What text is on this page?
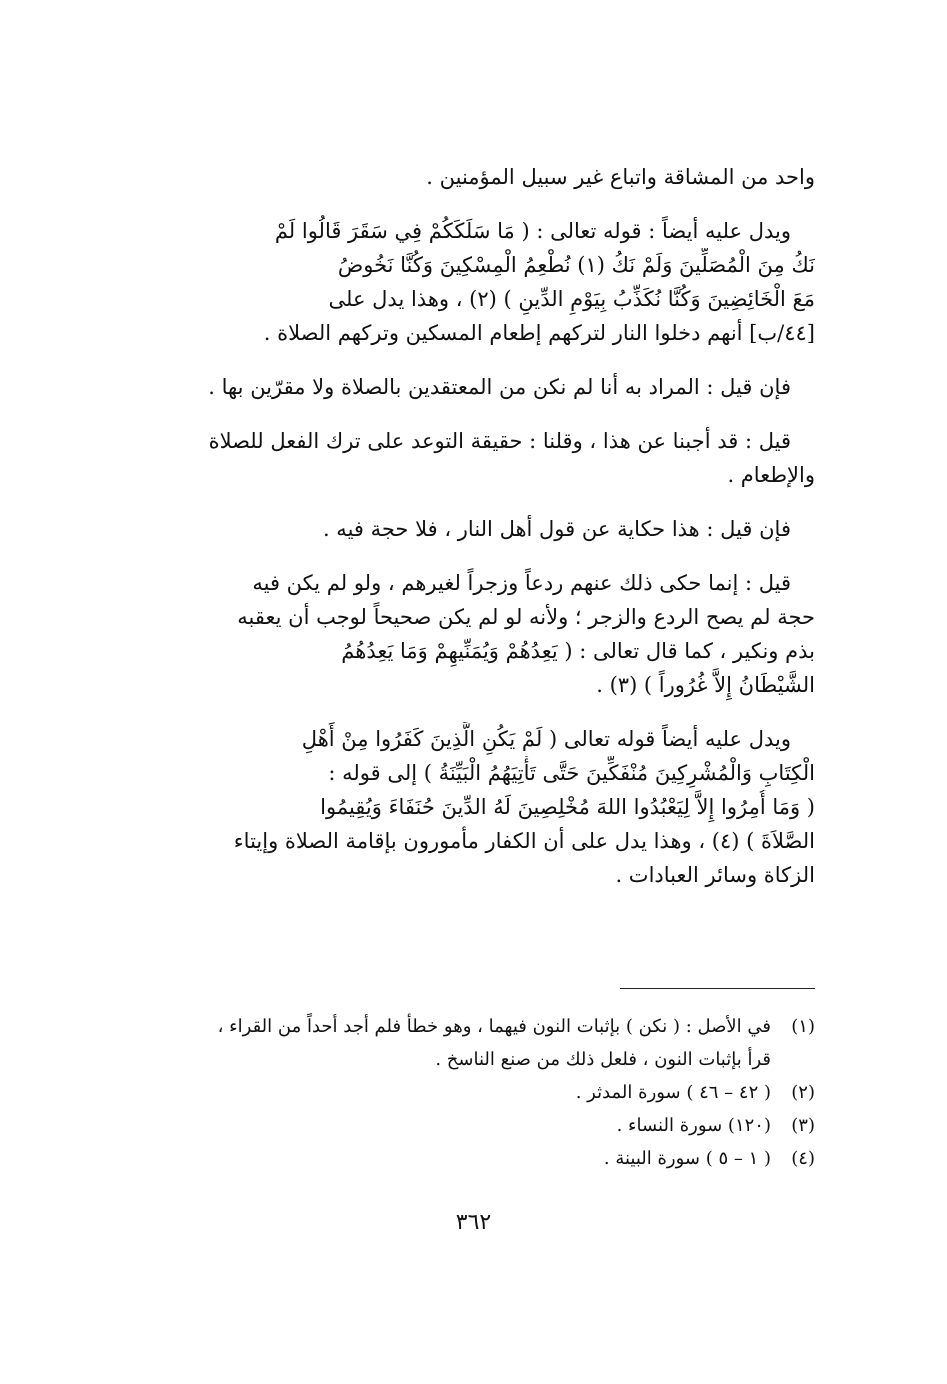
واحد من المشاقة واتباع غير سبيل المؤمنين .
ويدل عليه أيضاً : قوله تعالى : ( مَا سَلَكَكُمْ فِي سَقَرَ قَالُوا لَمْ
نَكُ مِنَ الْمُصَلِّينَ وَلَمْ نَكُ (١) نُطْعِمُ الْمِسْكِينَ وَكُنَّا نَخُوضُ
مَعَ الْخَائِضِينَ وَكُنَّا نُكَذِّبُ بِيَوْمِ الدِّينِ ) (٢) ، وهذا يدل على
[٤٤/ب] أنهم دخلوا النار لتركهم إطعام المسكين وتركهم الصلاة .
فإن قيل : المراد به أنا لم نكن من المعتقدين بالصلاة ولا مقرّين بها .
قيل : قد أجبنا عن هذا ، وقلنا : حقيقة التوعد على ترك الفعل للصلاة
والإطعام .
فإن قيل : هذا حكاية عن قول أهل النار ، فلا حجة فيه .
قيل : إنما حكى ذلك عنهم ردعاً وزجراً لغيرهم ، ولو لم يكن فيه
حجة لم يصح الردع والزجر ؛ ولأنه لو لم يكن صحيحاً لوجب أن يعقبه
بذم ونكير ، كما قال تعالى : ( يَعِدُهُمْ وَيُمَنِّيهِمْ وَمَا يَعِدُهُمُ
الشَّيْطَانُ إِلاَّ غُرُوراً ) (٣) .
ويدل عليه أيضاً قوله تعالى ( لَمْ يَكُنِ الَّذِينَ كَفَرُوا مِنْ أَهْلِ
الْكِتَابِ وَالْمُشْرِكِينَ مُنْفَكِّينَ حَتَّى تَأْتِيَهُمُ الْبَيِّنَةُ ) إلى قوله :
( وَمَا أُمِرُوا إِلاَّ لِيَعْبُدُوا اللهَ مُخْلِصِينَ لَهُ الدِّينَ حُنَفَاءَ وَيُقِيمُوا
الصَّلاَةَ ) (٤) ، وهذا يدل على أن الكفار مأمورون بإقامة الصلاة وإيتاء
الزكاة وسائر العبادات .
(١)في الأصل : ( نكن ) بإثبات النون فيهما ، وهو خطأ فلم أجد أحداً من القراء ،
قرأ بإثبات النون ، فلعل ذلك من صنع الناسخ .
(٢)( ٤٢ – ٤٦ ) سورة المدثر .
(٣)(١٢٠) سورة النساء .
(٤)( ١ – ٥ ) سورة البينة .
٣٦٢
